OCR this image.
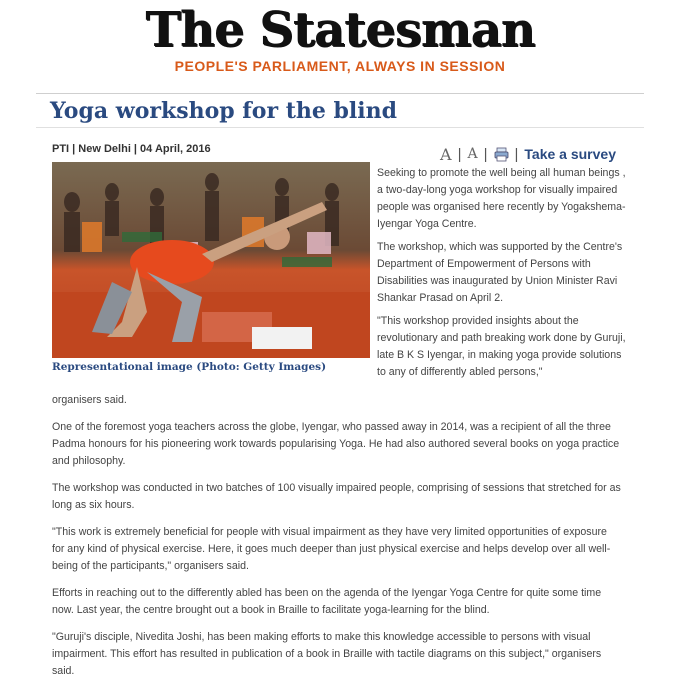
The Statesman
PEOPLE'S PARLIAMENT, ALWAYS IN SESSION
Yoga workshop for the blind
PTI | New Delhi | 04 April, 2016	A | A | | Take a survey
Representational image (Photo: Getty Images)

Seeking to promote the well being all human beings , a two-day-long yoga workshop for visually impaired people was organised here recently by Yogakshema-Iyengar Yoga Centre.

The workshop, which was supported by the Centre's Department of Empowerment of Persons with Disabilities was inaugurated by Union Minister Ravi Shankar Prasad on April 2.

"This workshop provided insights about the revolutionary and path breaking work done by Guruji, late B K S Iyengar, in making yoga provide solutions to any of differently abled persons,"

organisers said.

One of the foremost yoga teachers across the globe, Iyengar, who passed away in 2014, was a recipient of all the three Padma honours for his pioneering work towards popularising Yoga. He had also authored several books on yoga practice and philosophy.

The workshop was conducted in two batches of 100 visually impaired people, comprising of sessions that stretched for as long as six hours.

"This work is extremely beneficial for people with visual impairment as they have very limited opportunities of exposure for any kind of physical exercise. Here, it goes much deeper than just physical exercise and helps develop over all well-being of the participants," organisers said.

Efforts in reaching out to the differently abled has been on the agenda of the Iyengar Yoga Centre for quite some time now. Last year, the centre brought out a book in Braille to facilitate yoga-learning for the blind.

"Guruji's disciple, Nivedita Joshi, has been making efforts to make this knowledge accessible to persons with visual impairment. This effort has resulted in publication of a book in Braille with tactile diagrams on this subject," organisers said.
